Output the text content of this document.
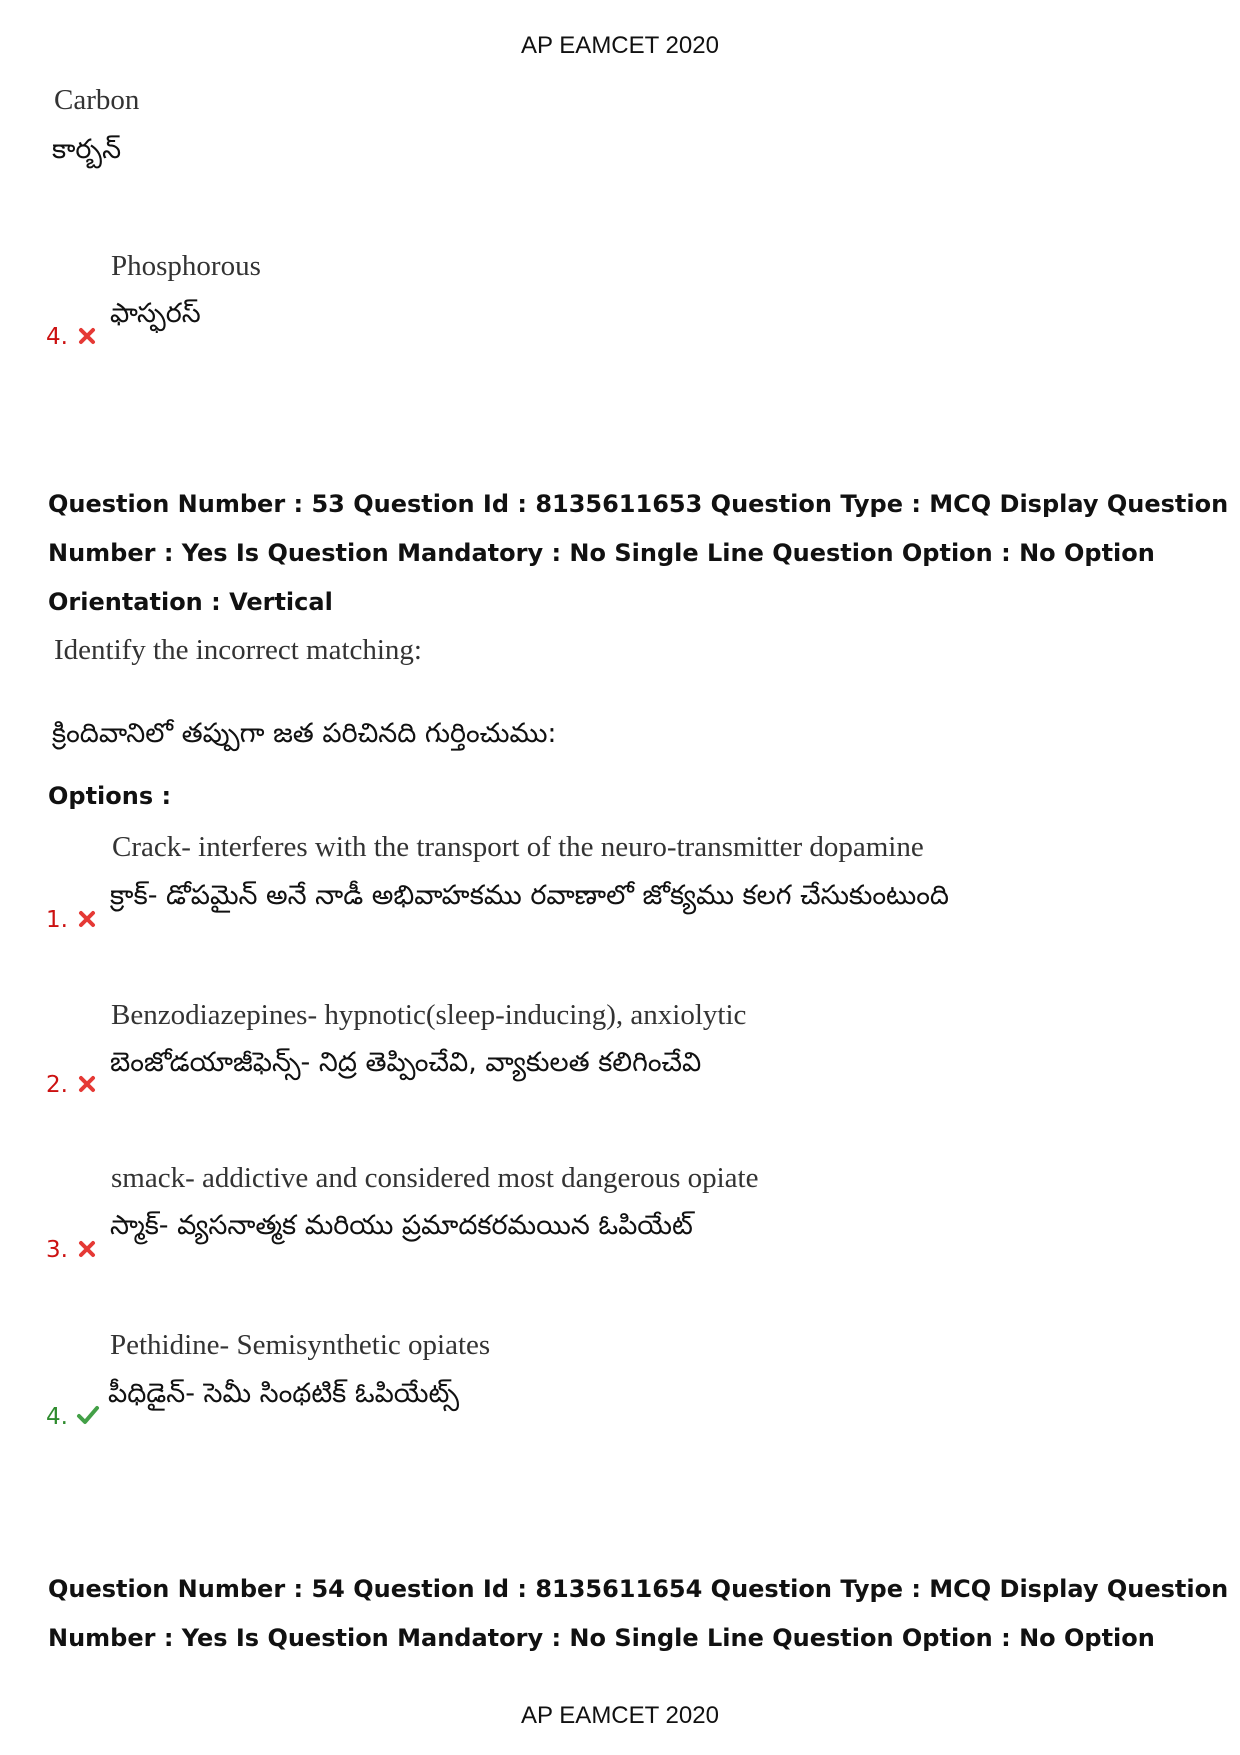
AP EAMCET 2020
Carbon
కార్బన్
Phosphorous
ఫాస్ఫరస్
4.
Question Number : 53 Question Id : 8135611653 Question Type : MCQ Display Question
Number : Yes Is Question Mandatory : No Single Line Question Option : No Option
Orientation : Vertical
Identify the incorrect matching:
క్రిందివానిలో తప్పుగా జత పరిచినది గుర్తించుము:
Options :
Crack- interferes with the transport of the neuro-transmitter dopamine
క్రాక్- డోపమైన్ అనే నాడీ అభివాహకము రవాణాలో జోక్యము కలగ చేసుకుంటుంది
1.
Benzodiazepines- hypnotic(sleep-inducing), anxiolytic
బెంజోడయాజీఫెన్స్- నిద్ర తెప్పించేవి, వ్యాకులత కలిగించేవి
2.
smack- addictive and considered most dangerous opiate
స్మాక్- వ్యసనాత్మక మరియు ప్రమాదకరమయిన ఓపియేట్
3.
Pethidine- Semisynthetic opiates
పీధిడైన్- సెమీ సింథటిక్ ఓపియేట్స్
4.
Question Number : 54 Question Id : 8135611654 Question Type : MCQ Display Question
Number : Yes Is Question Mandatory : No Single Line Question Option : No Option
AP EAMCET 2020
